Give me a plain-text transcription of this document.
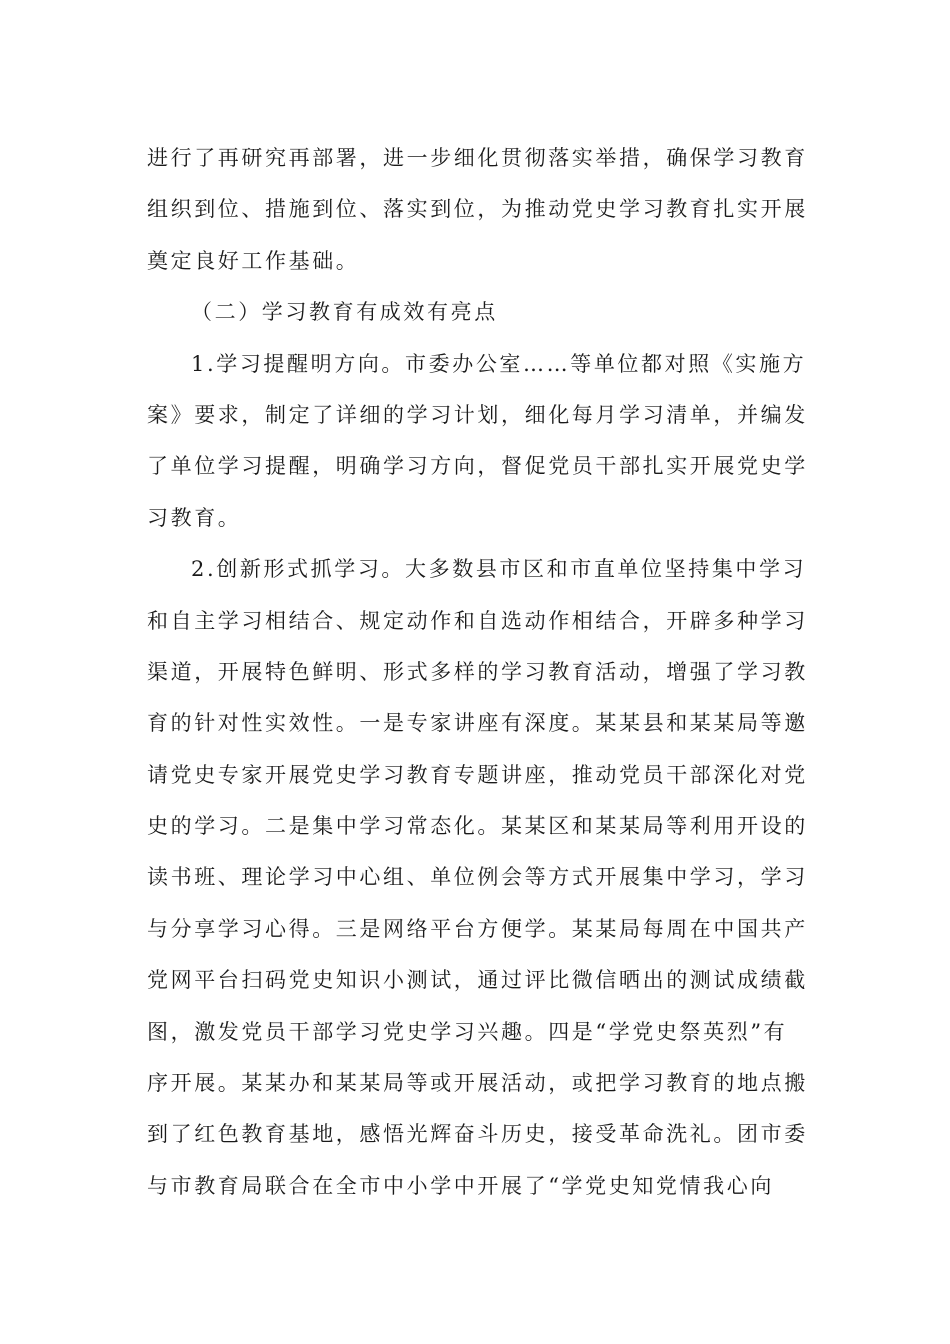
进行了再研究再部署，进一步细化贯彻落实举措，确保学习教育
组织到位、措施到位、落实到位，为推动党史学习教育扎实开展
奠定良好工作基础。
（二）学习教育有成效有亮点
1.学习提醒明方向。市委办公室……等单位都对照《实施方
案》要求，制定了详细的学习计划，细化每月学习清单，并编发
了单位学习提醒，明确学习方向，督促党员干部扎实开展党史学
习教育。
2.创新形式抓学习。大多数县市区和市直单位坚持集中学习
和自主学习相结合、规定动作和自选动作相结合，开辟多种学习
渠道，开展特色鲜明、形式多样的学习教育活动，增强了学习教
育的针对性实效性。一是专家讲座有深度。某某县和某某局等邀
请党史专家开展党史学习教育专题讲座，推动党员干部深化对党
史的学习。二是集中学习常态化。某某区和某某局等利用开设的
读书班、理论学习中心组、单位例会等方式开展集中学习，学习
与分享学习心得。三是网络平台方便学。某某局每周在中国共产
党网平台扫码党史知识小测试，通过评比微信晒出的测试成绩截
图，激发党员干部学习党史学习兴趣。四是“学党史祭英烈”有
序开展。某某办和某某局等或开展活动，或把学习教育的地点搬
到了红色教育基地，感悟光辉奋斗历史，接受革命洗礼。团市委
与市教育局联合在全市中小学中开展了“学党史知党情我心向
